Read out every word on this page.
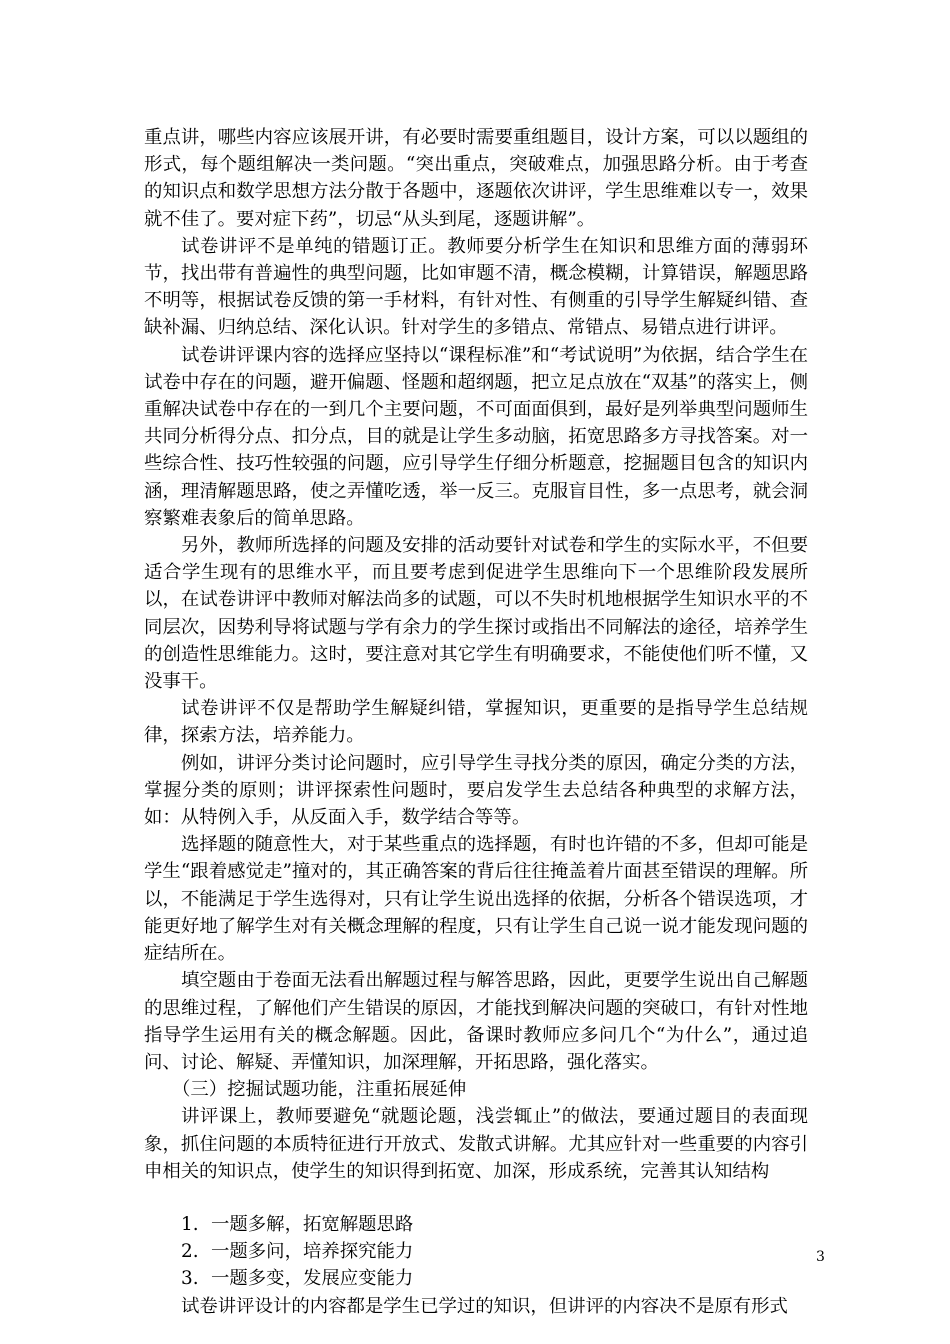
重点讲，哪些内容应该展开讲，有必要时需要重组题目，设计方案，可以以题组的形式，每个题组解决一类问题。“突出重点，突破难点，加强思路分析。由于考查的知识点和数学思想方法分散于各题中，逐题依次讲评，学生思维难以专一，效果就不佳了。要对症下药”，切忌“从头到尾，逐题讲解”。

试卷讲评不是单纯的错题订正。教师要分析学生在知识和思维方面的薄弱环节，找出带有普遍性的典型问题，比如审题不清，概念模糊，计算错误，解题思路不明等，根据试卷反馈的第一手材料，有针对性、有侧重的引导学生解疑纠错、查缺补漏、归纳总结、深化认识。针对学生的多错点、常错点、易错点进行讲评。

试卷讲评课内容的选择应坚持以“课程标准”和“考试说明”为依据，结合学生在试卷中存在的问题，避开偏题、怪题和超纲题，把立足点放在“双基”的落实上，侧重解决试卷中存在的一到几个主要问题，不可面面俱到，最好是列举典型问题师生共同分析得分点、扣分点，目的就是让学生多动脑，拓宽思路多方寻找答案。对一些综合性、技巧性较强的问题，应引导学生仔细分析题意，挖掘题目包含的知识内涵，理清解题思路，使之弄懂吃透，举一反三。克服盲目性，多一点思考，就会洞察繁难表象后的简单思路。

另外，教师所选择的问题及安排的活动要针对试卷和学生的实际水平，不但要适合学生现有的思维水平，而且要考虑到促进学生思维向下一个思维阶段发展所以，在试卷讲评中教师对解法尚多的试题，可以不失时机地根据学生知识水平的不同层次，因势利导将试题与学有余力的学生探讨或指出不同解法的途径，培养学生的创造性思维能力。这时，要注意对其它学生有明确要求，不能使他们听不懂，又没事干。

试卷讲评不仅是帮助学生解疑纠错，掌握知识，更重要的是指导学生总结规律，探索方法，培养能力。

例如，讲评分类讨论问题时，应引导学生寻找分类的原因，确定分类的方法，掌握分类的原则；讲评探索性问题时，要启发学生去总结各种典型的求解方法，如：从特例入手，从反面入手，数学结合等等。

选择题的随意性大，对于某些重点的选择题，有时也许错的不多，但却可能是学生“跟着感觉走”撞对的，其正确答案的背后往往掩盖着片面甚至错误的理解。所以，不能满足于学生选得对，只有让学生说出选择的依据，分析各个错误选项，才能更好地了解学生对有关概念理解的程度，只有让学生自己说一说才能发现问题的症结所在。

填空题由于卷面无法看出解题过程与解答思路，因此，更要学生说出自己解题的思维过程，了解他们产生错误的原因，才能找到解决问题的突破口，有针对性地指导学生运用有关的概念解题。因此，备课时教师应多问几个“为什么”，通过追问、讨论、解疑、弄懂知识，加深理解，开拓思路，强化落实。

（三）挖掘试题功能，注重拓展延伸

讲评课上，教师要避免“就题论题，浅尝辄止”的做法，要通过题目的表面现象，抓住问题的本质特征进行开放式、发散式讲解。尤其应针对一些重要的内容引申相关的知识点，使学生的知识得到拓宽、加深，形成系统，完善其认知结构

1. 一题多解，拓宽解题思路

2. 一题多问，培养探究能力

3. 一题多变，发展应变能力

试卷讲评设计的内容都是学生已学过的知识，但讲评的内容决不是原有形式

3
